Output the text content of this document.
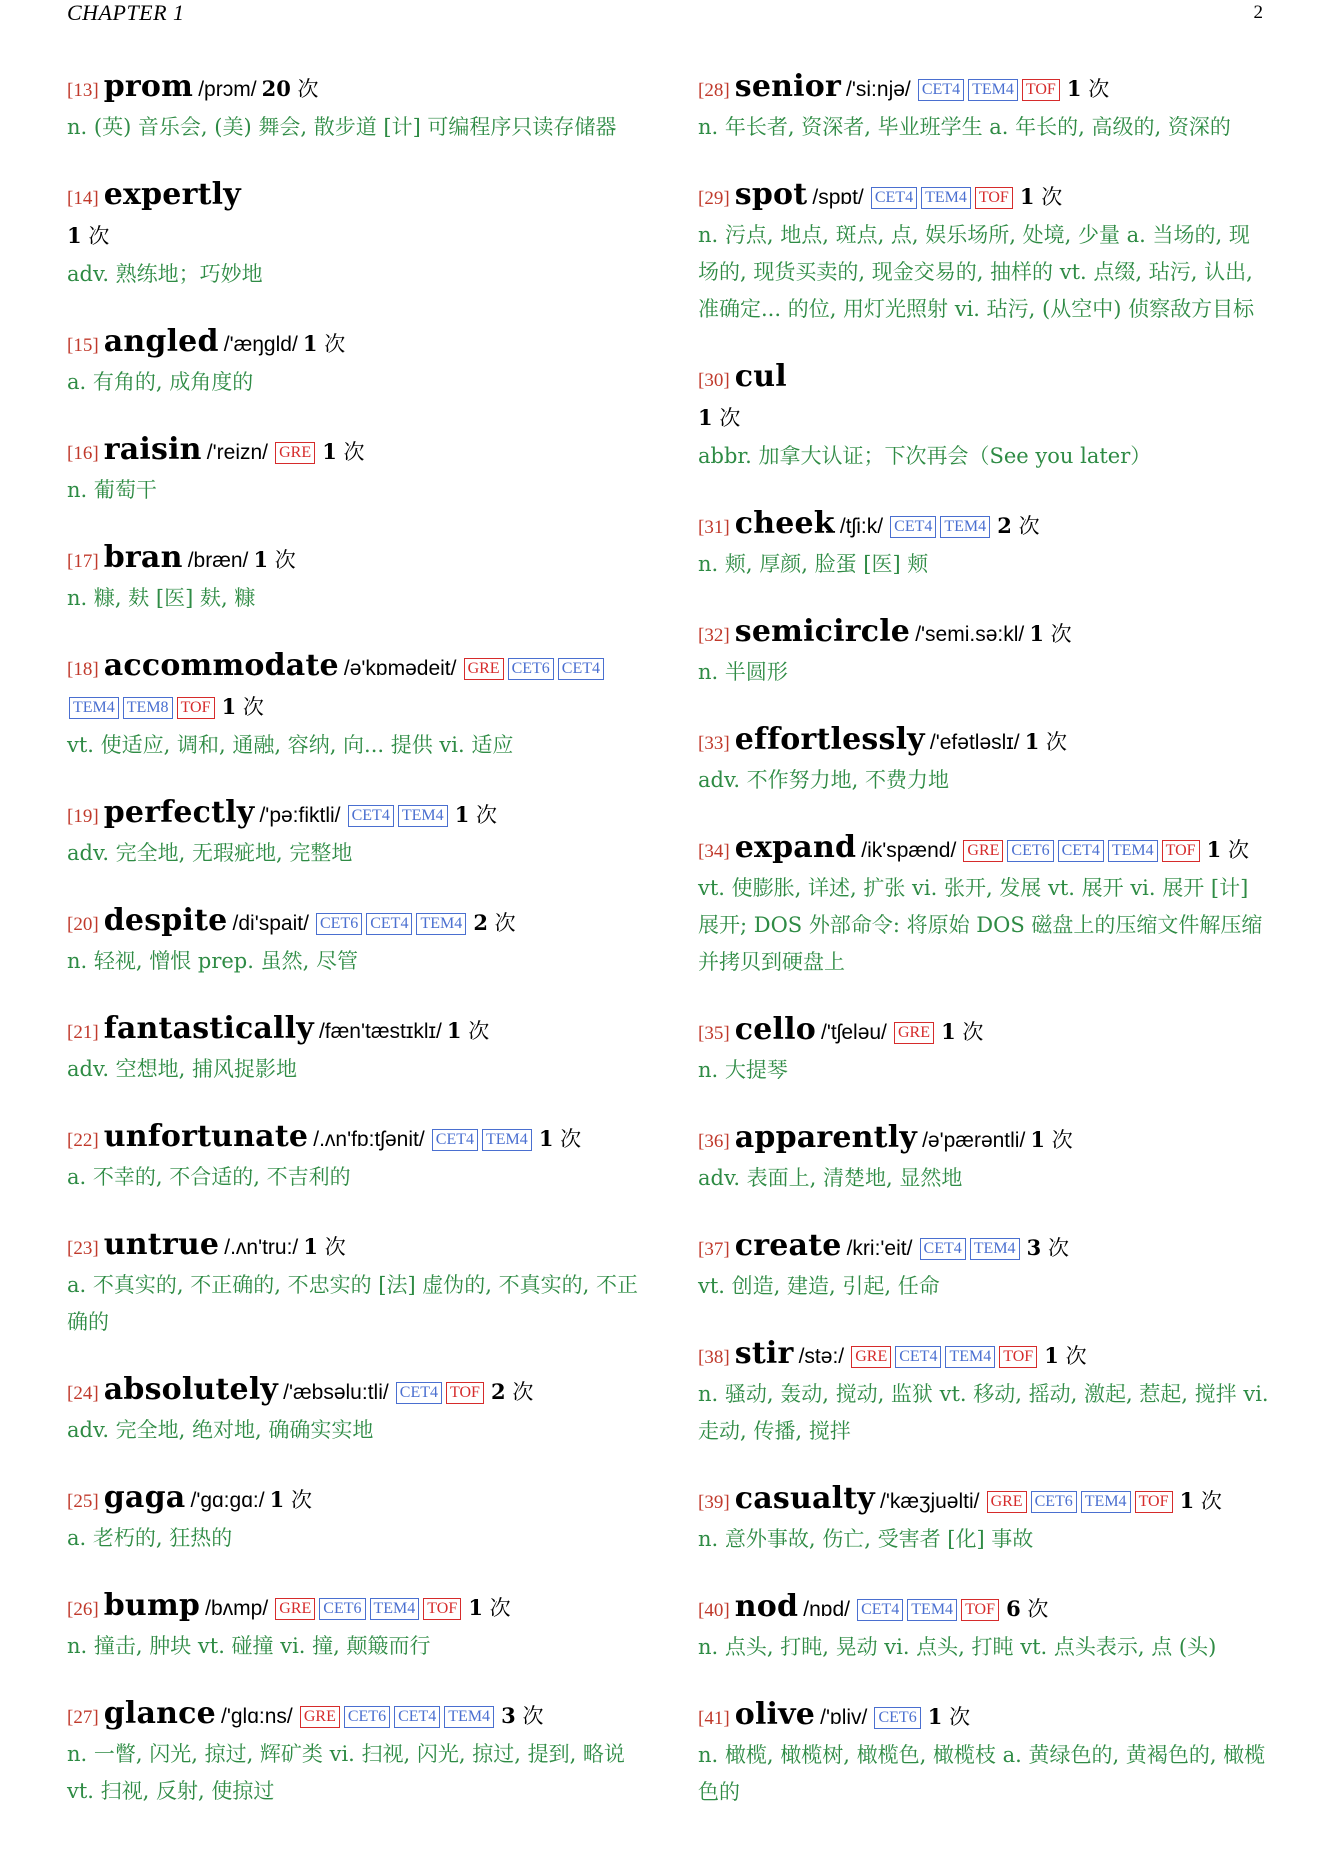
CHAPTER 1	2
[13] prom /prɔm/ 20 次
n. (英) 音乐会, (美) 舞会, 散步道 [计] 可编程序只读存储器
[14] expertly
1 次
adv. 熟练地；巧妙地
[15] angled /'æŋgld/ 1 次
a. 有角的, 成角度的
[16] raisin /'reizn/ GRE 1 次
n. 葡萄干
[17] bran /bræn/ 1 次
n. 糠, 麸 [医] 麸, 糠
[18] accommodate /ə'kɒmədeit/ GRE CET6 CET4TEM4 TEM8 TOF 1 次
vt. 使适应, 调和, 通融, 容纳, 向... 提供 vi. 适应
[19] perfectly /'pə:fiktli/ CET4 TEM4 1 次
adv. 完全地, 无瑕疵地, 完整地
[20] despite /di'spait/ CET6 CET4 TEM4 2 次
n. 轻视, 憎恨 prep. 虽然, 尽管
[21] fantastically /fæn'tæstɪklɪ/ 1 次
adv. 空想地, 捕风捉影地
[22] unfortunate /.ʌn'fɒ:tʃənit/ CET4 TEM4 1 次
a. 不幸的, 不合适的, 不吉利的
[23] untrue /.ʌn'tru:/ 1 次
a. 不真实的, 不正确的, 不忠实的 [法] 虚伪的, 不真实的, 不正确的
[24] absolutely /'æbsəlu:tli/ CET4 TOF 2 次
adv. 完全地, 绝对地, 确确实实地
[25] gaga /'gɑ:gɑ:/ 1 次
a. 老朽的, 狂热的
[26] bump /bʌmp/ GRE CET6 TEM4 TOF 1 次
n. 撞击, 肿块 vt. 碰撞 vi. 撞, 颠簸而行
[27] glance /'glɑ:ns/ GRE CET6 CET4 TEM4 3 次
n. 一瞥, 闪光, 掠过, 辉矿类 vi. 扫视, 闪光, 掠过, 提到, 略说 vt. 扫视, 反射, 使掠过
[28] senior /'si:njə/ CET4 TEM4 TOF 1 次
n. 年长者, 资深者, 毕业班学生 a. 年长的, 高级的, 资深的
[29] spot /spɒt/ CET4 TEM4 TOF 1 次
n. 污点, 地点, 斑点, 点, 娱乐场所, 处境, 少量 a. 当场的, 现场的, 现货买卖的, 现金交易的, 抽样的 vt. 点缀, 玷污, 认出, 准确定... 的位, 用灯光照射 vi. 玷污, (从空中) 侦察敌方目标
[30] cul
1 次
abbr. 加拿大认证；下次再会（See you later）
[31] cheek /tʃi:k/ CET4 TEM4 2 次
n. 颊, 厚颜, 脸蛋 [医] 颊
[32] semicircle /'semi.sə:kl/ 1 次
n. 半圆形
[33] effortlessly /'efətləslɪ/ 1 次
adv. 不作努力地, 不费力地
[34] expand /ik'spænd/ GRE CET6 CET4 TEM4 TOF 1 次
vt. 使膨胀, 详述, 扩张 vi. 张开, 发展 vt. 展开 vi. 展开 [计] 展开; DOS 外部命令: 将原始 DOS 磁盘上的压缩文件解压缩并拷贝到硬盘上
[35] cello /'tʃeləu/ GRE 1 次
n. 大提琴
[36] apparently /ə'pærəntli/ 1 次
adv. 表面上, 清楚地, 显然地
[37] create /kri:'eit/ CET4 TEM4 3 次
vt. 创造, 建造, 引起, 任命
[38] stir /stə:/ GRE CET4 TEM4 TOF 1 次
n. 骚动, 轰动, 搅动, 监狱 vt. 移动, 摇动, 激起, 惹起, 搅拌 vi. 走动, 传播, 搅拌
[39] casualty /'kæʒjuəlti/ GRE CET6 TEM4 TOF 1 次
n. 意外事故, 伤亡, 受害者 [化] 事故
[40] nod /nɒd/ CET4 TEM4 TOF 6 次
n. 点头, 打盹, 晃动 vi. 点头, 打盹 vt. 点头表示, 点 (头)
[41] olive /'ɒliv/ CET6 1 次
n. 橄榄, 橄榄树, 橄榄色, 橄榄枝 a. 黄绿色的, 黄褐色的, 橄榄色的
